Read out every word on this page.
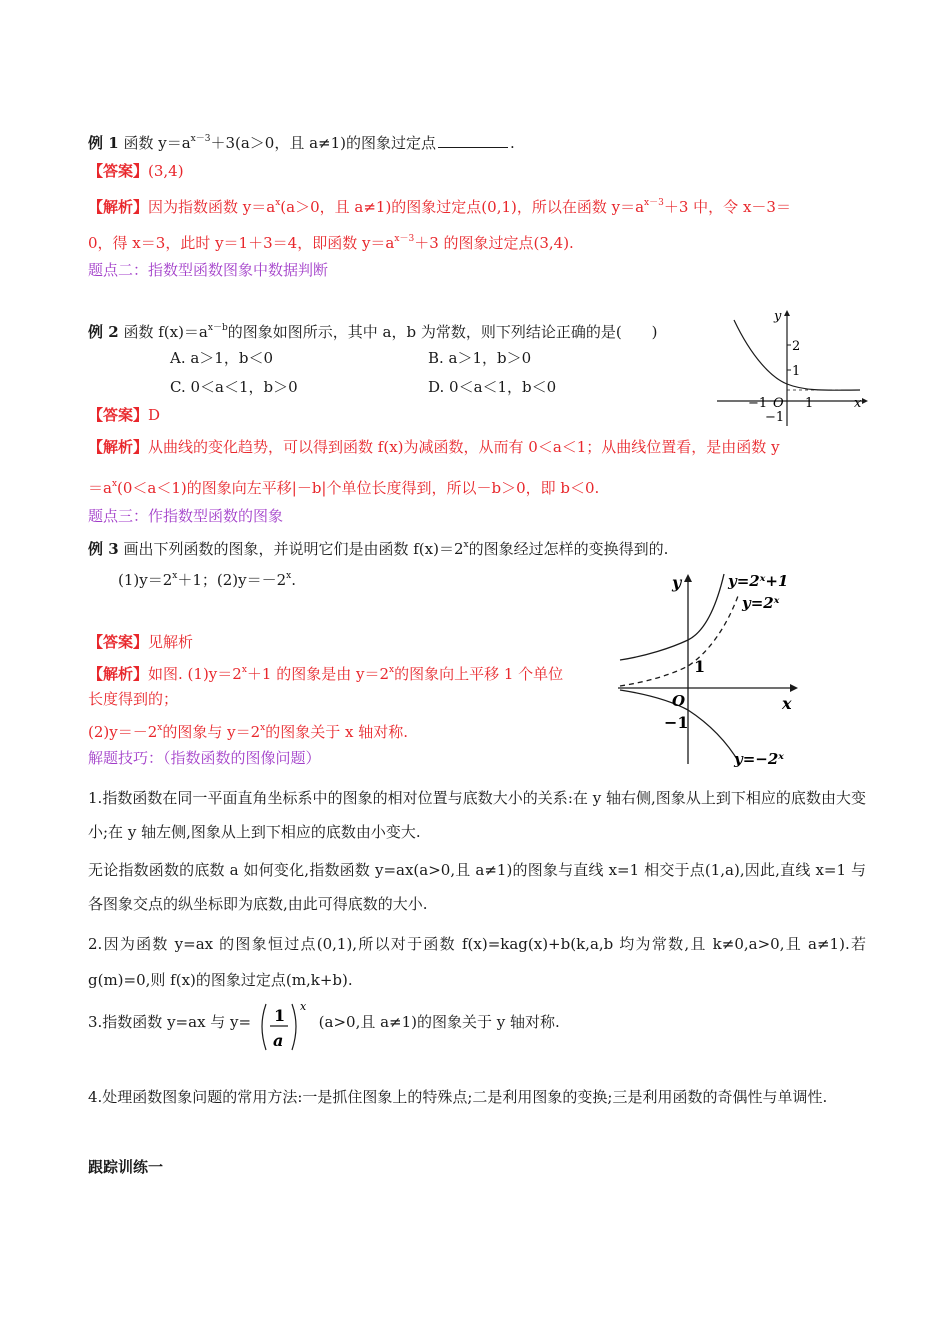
例 1 函数 $y=a^{x-3}+3(a>0$，且 a≠1)的图象过定点	.
【答案】(3,4)
【解析】因为指数函数 $y=a^x(a>0$，且 a≠1)的图象过定点(0,1)，所以在函数 $y=a^{x-3}+3$ 中，令 x－3＝
0，得 x＝3，此时 y＝1＋3＝4，即函数 $y=a^{x-3}+3$ 的图象过定点(3,4).
题点二：指数型函数图象中数据判断
例 2 函数 $f(x)=a^{x-b}$的图象如图所示，其中 a，b 为常数，则下列结论正确的是(　　)
A. a＞1，b＜0	B. a＞1，b＞0
C. 0＜a＜1，b＞0	D. 0＜a＜1，b＜0
y
2
1
−1 O 1
−1
x
【答案】D
【解析】从曲线的变化趋势，可以得到函数 f(x)为减函数，从而有 0＜a＜1；从曲线位置看，是由函数 y
$=a^x(0<a<1)$的图象向左平移|－b|个单位长度得到，所以－b＞0，即 b＜0.
题点三：作指数型函数的图象
例 3 画出下列函数的图象，并说明它们是由函数 $f(x)=2^x$的图象经过怎样的变换得到的.
$(1)y=2^x+1$；$(2)y=-2^x$.	y	y=2ˣ+1
y=2ˣ
1
O
−1
x
y=−2ˣ
【答案】见解析
【解析】如图. $(1)y=2^x+1$ 的图象是由 $y=2^x$的图象向上平移 1 个单位
长度得到的；
$(2)y=-2^x$的图象与 $y=2^x$的图象关于 x 轴对称.
解题技巧：（指数函数的图像问题）
1.指数函数在同一平面直角坐标系中的图象的相对位置与底数大小的关系:在 y 轴右侧,图象从上到下相应的底数由大变小;在 y 轴左侧,图象从上到下相应的底数由小变大.
无论指数函数的底数 a 如何变化,指数函数 y=ax(a>0,且 a≠1)的图象与直线 x=1 相交于点(1,a),因此,直线 x=1 与各图象交点的纵坐标即为底数,由此可得底数的大小.
2.因为函数 y=ax 的图象恒过点(0,1),所以对于函数 f(x)=kag(x)+b(k,a,b 均为常数,且 k≠0,a>0,且 a≠1).若 g(m)=0,则 f(x)的图象过定点(m,k+b).
3.指数函数 y=ax 与 y=	(a>0,且 a≠1)的图象关于 y 轴对称.
1
a
x
4.处理函数图象问题的常用方法:一是抓住图象上的特殊点;二是利用图象的变换;三是利用函数的奇偶性与单调性.
跟踪训练一
